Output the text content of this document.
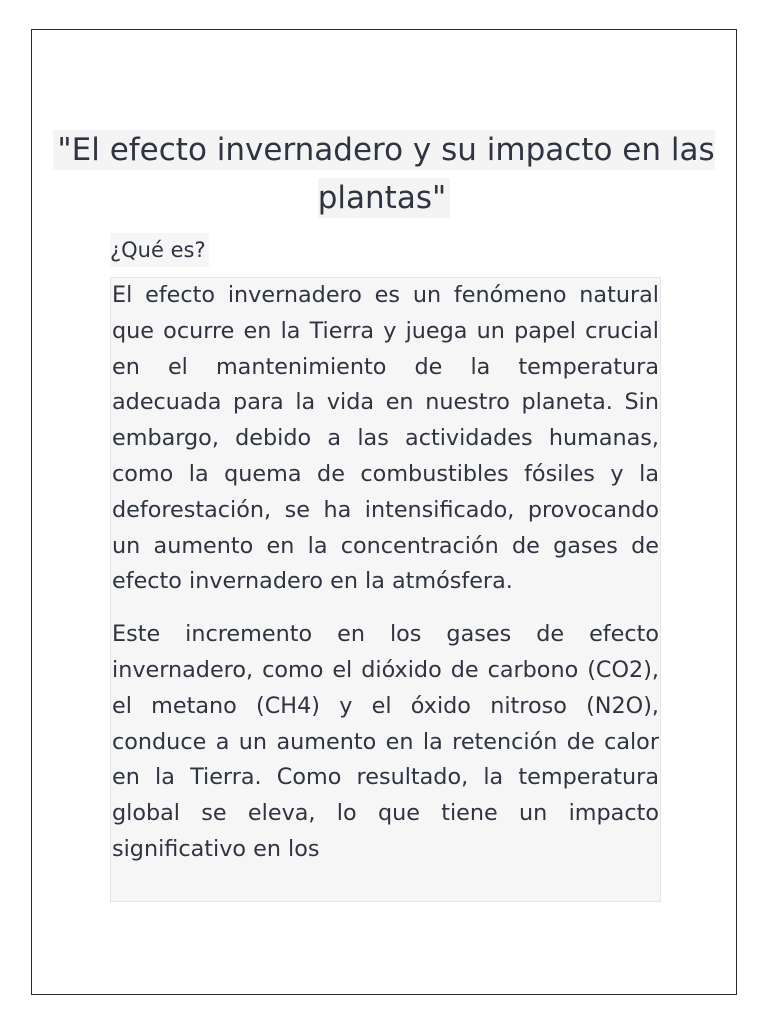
"El efecto invernadero y su impacto en las plantas"
¿Qué es?

El efecto invernadero es un fenómeno natural que ocurre en la Tierra y juega un papel crucial en el mantenimiento de la temperatura adecuada para la vida en nuestro planeta. Sin embargo, debido a las actividades humanas, como la quema de combustibles fósiles y la deforestación, se ha intensificado, provocando un aumento en la concentración de gases de efecto invernadero en la atmósfera.

Este incremento en los gases de efecto invernadero, como el dióxido de carbono (CO2), el metano (CH4) y el óxido nitroso (N2O), conduce a un aumento en la retención de calor en la Tierra. Como resultado, la temperatura global se eleva, lo que tiene un impacto significativo en los
